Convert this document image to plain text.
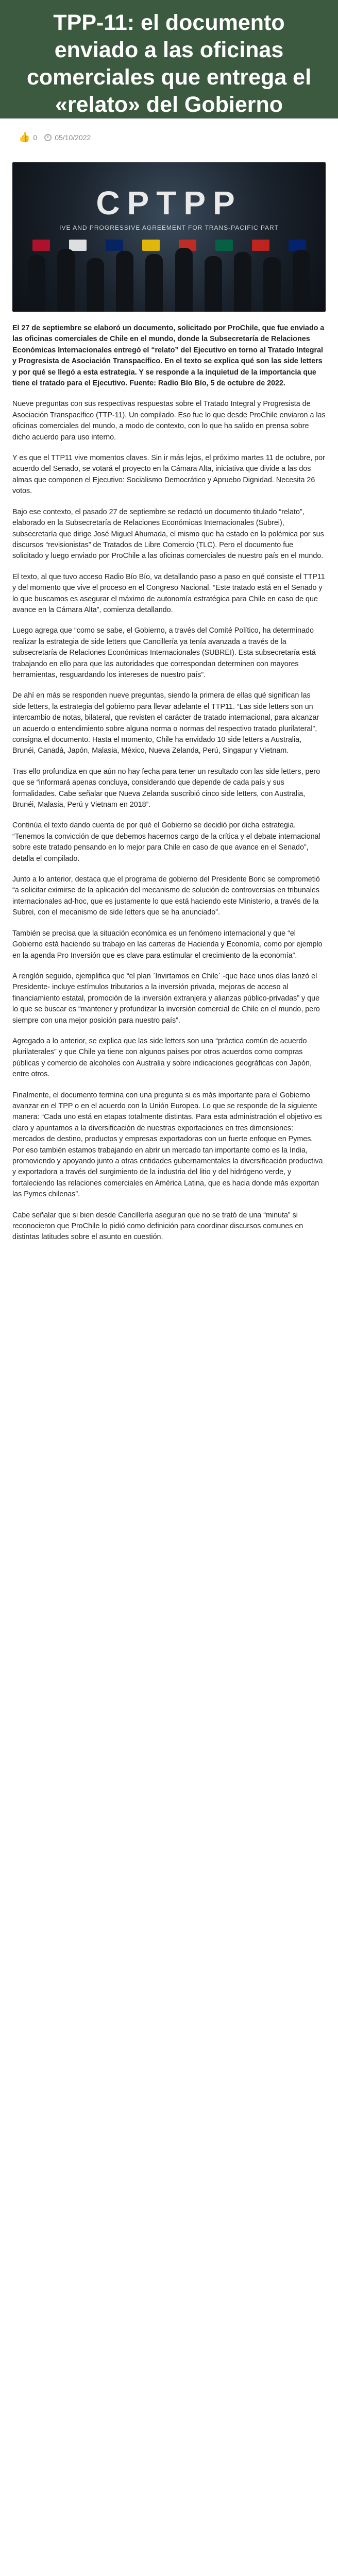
TPP-11: el documento enviado a las oficinas comerciales que entrega el «relato» del Gobierno
👍 0 05/10/2022
CPTPP
IVE AND PROGRESSIVE AGREEMENT FOR TRANS-PACIFIC PART

El 27 de septiembre se elaboró un documento, solicitado por ProChile, que fue enviado a las oficinas comerciales de Chile en el mundo, donde la Subsecretaría de Relaciones Económicas Internacionales entregó el “relato” del Ejecutivo en torno al Tratado Integral y Progresista de Asociación Transpacífico. En el texto se explica qué son las side letters y por qué se llegó a esta estrategia. Y se responde a la inquietud de la importancia que tiene el tratado para el Ejecutivo. Fuente: Radio Bío Bío, 5 de octubre de 2022.

Nueve preguntas con sus respectivas respuestas sobre el Tratado Integral y Progresista de Asociación Transpacífico (TTP-11). Un compilado. Eso fue lo que desde ProChile enviaron a las oficinas comerciales del mundo, a modo de contexto, con lo que ha salido en prensa sobre dicho acuerdo para uso interno.

Y es que el TTP11 vive momentos claves. Sin ir más lejos, el próximo martes 11 de octubre, por acuerdo del Senado, se votará el proyecto en la Cámara Alta, iniciativa que divide a las dos almas que componen el Ejecutivo: Socialismo Democrático y Apruebo Dignidad. Necesita 26 votos.

Bajo ese contexto, el pasado 27 de septiembre se redactó un documento titulado “relato”, elaborado en la Subsecretaría de Relaciones Económicas Internacionales (Subrei), subsecretaría que dirige José Miguel Ahumada, el mismo que ha estado en la polémica por sus discursos “revisionistas” de Tratados de Libre Comercio (TLC). Pero el documento fue solicitado y luego enviado por ProChile a las oficinas comerciales de nuestro país en el mundo.

El texto, al que tuvo acceso Radio Bío Bío, va detallando paso a paso en qué consiste el TTP11 y del momento que vive el proceso en el Congreso Nacional. “Este tratado está en el Senado y lo que buscamos es asegurar el máximo de autonomía estratégica para Chile en caso de que avance en la Cámara Alta”, comienza detallando.

Luego agrega que “como se sabe, el Gobierno, a través del Comité Político, ha determinado realizar la estrategia de side letters que Cancillería ya tenía avanzada a través de la subsecretaría de Relaciones Económicas Internacionales (SUBREI). Esta subsecretaría está trabajando en ello para que las autoridades que correspondan determinen con mayores herramientas, resguardando los intereses de nuestro país”.

De ahí en más se responden nueve preguntas, siendo la primera de ellas qué significan las side letters, la estrategia del gobierno para llevar adelante el TTP11. “Las side letters son un intercambio de notas, bilateral, que revisten el carácter de tratado internacional, para alcanzar un acuerdo o entendimiento sobre alguna norma o normas del respectivo tratado plurilateral”, consigna el documento. Hasta el momento, Chile ha envidado 10 side letters a Australia, Brunéi, Canadá, Japón, Malasia, México, Nueva Zelanda, Perú, Singapur y Vietnam.

Tras ello profundiza en que aún no hay fecha para tener un resultado con las side letters, pero que se “informará apenas concluya, considerando que depende de cada país y sus formalidades. Cabe señalar que Nueva Zelanda suscribió cinco side letters, con Australia, Brunéi, Malasia, Perú y Vietnam en 2018”.

Continúa el texto dando cuenta de por qué el Gobierno se decidió por dicha estrategia. “Tenemos la convicción de que debemos hacernos cargo de la crítica y el debate internacional sobre este tratado pensando en lo mejor para Chile en caso de que avance en el Senado”, detalla el compilado.

Junto a lo anterior, destaca que el programa de gobierno del Presidente Boric se comprometió “a solicitar eximirse de la aplicación del mecanismo de solución de controversias en tribunales internacionales ad-hoc, que es justamente lo que está haciendo este Ministerio, a través de la Subrei, con el mecanismo de side letters que se ha anunciado”.

También se precisa que la situación económica es un fenómeno internacional y que “el Gobierno está haciendo su trabajo en las carteras de Hacienda y Economía, como por ejemplo en la agenda Pro Inversión que es clave para estimular el crecimiento de la economía”.

A renglón seguido, ejemplifica que “el plan `Invirtamos en Chile` -que hace unos días lanzó el Presidente- incluye estímulos tributarios a la inversión privada, mejoras de acceso al financiamiento estatal, promoción de la inversión extranjera y alianzas público-privadas” y que lo que se buscar es “mantener y profundizar la inversión comercial de Chile en el mundo, pero siempre con una mejor posición para nuestro país”.

Agregado a lo anterior, se explica que las side letters son una “práctica común de acuerdo plurilaterales” y que Chile ya tiene con algunos países por otros acuerdos como compras públicas y comercio de alcoholes con Australia y sobre indicaciones geográficas con Japón, entre otros.

Finalmente, el documento termina con una pregunta si es más importante para el Gobierno avanzar en el TPP o en el acuerdo con la Unión Europea. Lo que se responde de la siguiente manera: “Cada uno está en etapas totalmente distintas. Para esta administración el objetivo es claro y apuntamos a la diversificación de nuestras exportaciones en tres dimensiones: mercados de destino, productos y empresas exportadoras con un fuerte enfoque en Pymes. Por eso también estamos trabajando en abrir un mercado tan importante como es la India, promoviendo y apoyando junto a otras entidades gubernamentales la diversificación productiva y exportadora a través del surgimiento de la industria del litio y del hidrógeno verde, y fortaleciendo las relaciones comerciales en América Latina, que es hacia donde más exportan las Pymes chilenas”.

Cabe señalar que si bien desde Cancillería aseguran que no se trató de una “minuta” si reconocieron que ProChile lo pidió como definición para coordinar discursos comunes en distintas latitudes sobre el asunto en cuestión.
